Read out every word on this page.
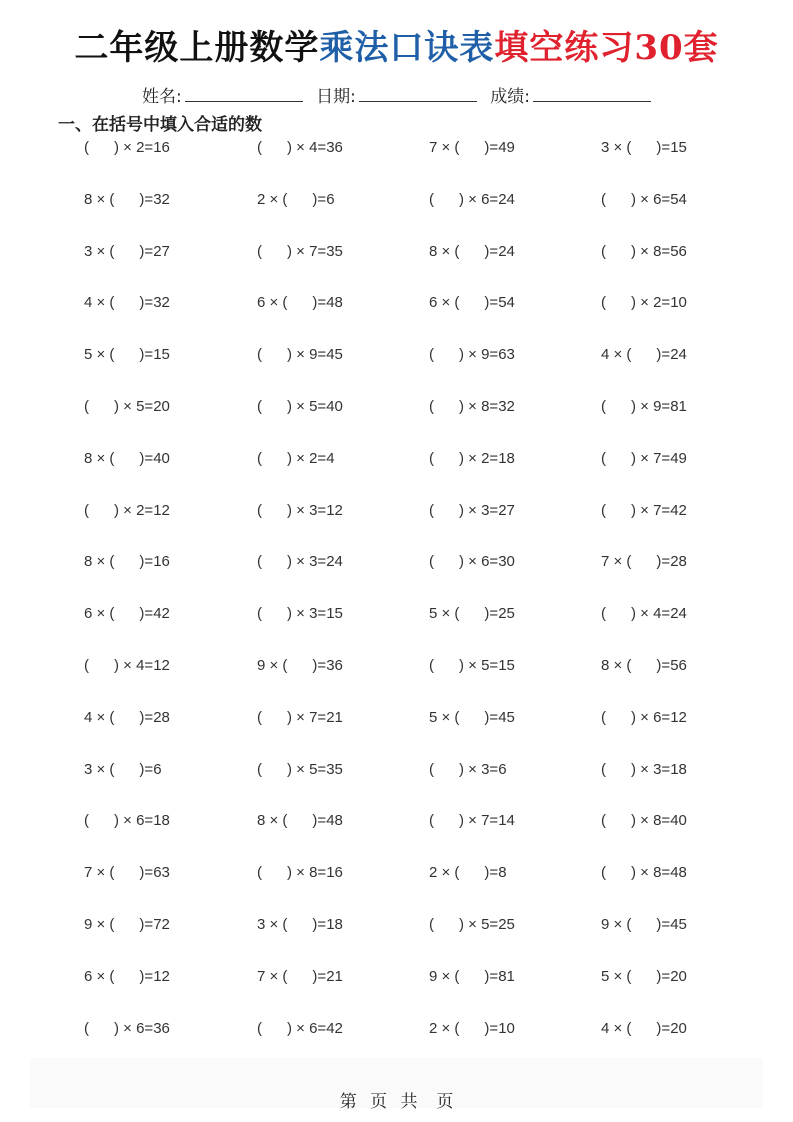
二年级上册数学乘法口诀表填空练习30套
姓名:	日期:	成绩:
一、在括号中填入合适的数
(      ) × 2=16	(      ) × 4=36	7 × (      )=49	3 × (      )=15
8 × (      )=32	2 × (      )=6	(      ) × 6=24	(      ) × 6=54
3 × (      )=27	(      ) × 7=35	8 × (      )=24	(      ) × 8=56
4 × (      )=32	6 × (      )=48	6 × (      )=54	(      ) × 2=10
5 × (      )=15	(      ) × 9=45	(      ) × 9=63	4 × (      )=24
(      ) × 5=20	(      ) × 5=40	(      ) × 8=32	(      ) × 9=81
8 × (      )=40	(      ) × 2=4	(      ) × 2=18	(      ) × 7=49
(      ) × 2=12	(      ) × 3=12	(      ) × 3=27	(      ) × 7=42
8 × (      )=16	(      ) × 3=24	(      ) × 6=30	7 × (      )=28
6 × (      )=42	(      ) × 3=15	5 × (      )=25	(      ) × 4=24
(      ) × 4=12	9 × (      )=36	(      ) × 5=15	8 × (      )=56
4 × (      )=28	(      ) × 7=21	5 × (      )=45	(      ) × 6=12
3 × (      )=6	(      ) × 5=35	(      ) × 3=6	(      ) × 3=18
(      ) × 6=18	8 × (      )=48	(      ) × 7=14	(      ) × 8=40
7 × (      )=63	(      ) × 8=16	2 × (      )=8	(      ) × 8=48
9 × (      )=72	3 × (      )=18	(      ) × 5=25	9 × (      )=45
6 × (      )=12	7 × (      )=21	9 × (      )=81	5 × (      )=20
(      ) × 6=36	(      ) × 6=42	2 × (      )=10	4 × (      )=20
第 页 共 页
